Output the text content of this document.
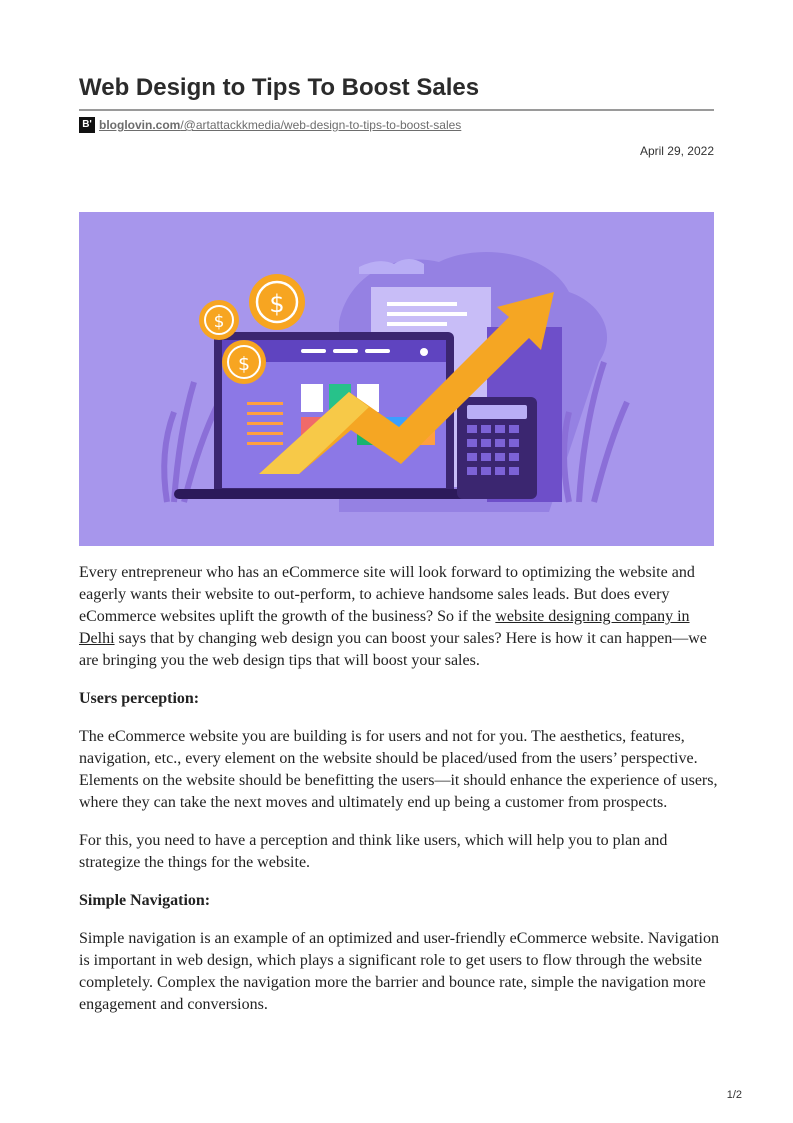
Web Design to Tips To Boost Sales
B' bloglovin.com/@artattackkmedia/web-design-to-tips-to-boost-sales
April 29, 2022
$
$
$

Every entrepreneur who has an eCommerce site will look forward to optimizing the website and eagerly wants their website to out-perform, to achieve handsome sales leads. But does every eCommerce websites uplift the growth of the business? So if the website designing company in Delhi says that by changing web design you can boost your sales? Here is how it can happen—we are bringing you the web design tips that will boost your sales.

Users perception:

The eCommerce website you are building is for users and not for you. The aesthetics, features, navigation, etc., every element on the website should be placed/used from the users’ perspective. Elements on the website should be benefitting the users—it should enhance the experience of users, where they can take the next moves and ultimately end up being a customer from prospects.

For this, you need to have a perception and think like users, which will help you to plan and strategize the things for the website.

Simple Navigation:

Simple navigation is an example of an optimized and user-friendly eCommerce website. Navigation is important in web design, which plays a significant role to get users to flow through the website completely. Complex the navigation more the barrier and bounce rate, simple the navigation more engagement and conversions.

1/2
